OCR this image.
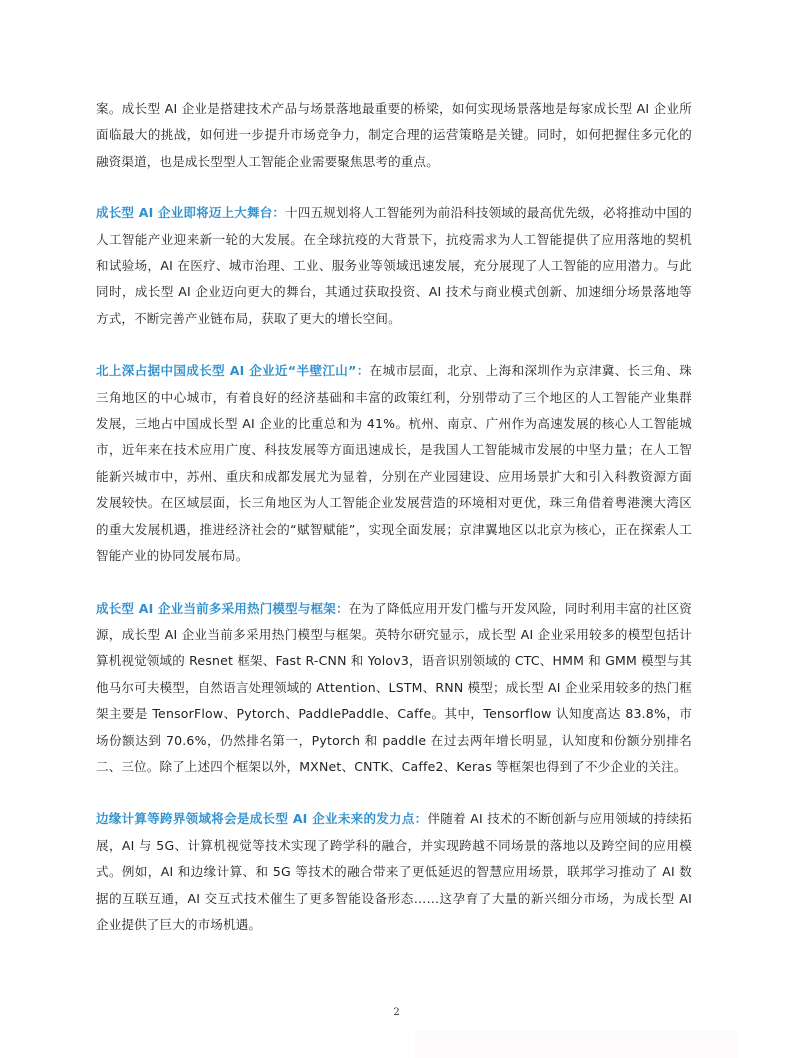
案。成长型 AI 企业是搭建技术产品与场景落地最重要的桥梁，如何实现场景落地是每家成长型 AI 企业所面临最大的挑战，如何进一步提升市场竞争力，制定合理的运营策略是关键。同时，如何把握住多元化的融资渠道，也是成长型型人工智能企业需要聚焦思考的重点。

成长型 AI 企业即将迈上大舞台：十四五规划将人工智能列为前沿科技领域的最高优先级，必将推动中国的人工智能产业迎来新一轮的大发展。在全球抗疫的大背景下，抗疫需求为人工智能提供了应用落地的契机和试验场，AI 在医疗、城市治理、工业、服务业等领域迅速发展，充分展现了人工智能的应用潜力。与此同时，成长型 AI 企业迈向更大的舞台，其通过获取投资、AI 技术与商业模式创新、加速细分场景落地等方式，不断完善产业链布局，获取了更大的增长空间。

北上深占据中国成长型 AI 企业近“半壁江山”：在城市层面，北京、上海和深圳作为京津冀、长三角、珠三角地区的中心城市，有着良好的经济基础和丰富的政策红利，分别带动了三个地区的人工智能产业集群发展，三地占中国成长型 AI 企业的比重总和为 41%。杭州、南京、广州作为高速发展的核心人工智能城市，近年来在技术应用广度、科技发展等方面迅速成长，是我国人工智能城市发展的中坚力量；在人工智能新兴城市中，苏州、重庆和成都发展尤为显着，分别在产业园建设、应用场景扩大和引入科教资源方面发展较快。在区域层面，长三角地区为人工智能企业发展营造的环境相对更优，珠三角借着粤港澳大湾区的重大发展机遇，推进经济社会的“赋智赋能”，实现全面发展；京津翼地区以北京为核心，正在探索人工智能产业的协同发展布局。

成长型 AI 企业当前多采用热门模型与框架：在为了降低应用开发门槛与开发风险，同时利用丰富的社区资源，成长型 AI 企业当前多采用热门模型与框架。英特尔研究显示，成长型 AI 企业采用较多的模型包括计算机视觉领域的 Resnet 框架、Fast R-CNN 和 Yolov3，语音识别领域的 CTC、HMM 和 GMM 模型与其他马尔可夫模型，自然语言处理领域的 Attention、LSTM、RNN 模型；成长型 AI 企业采用较多的热门框架主要是 TensorFlow、Pytorch、PaddlePaddle、Caffe。其中，Tensorflow 认知度高达 83.8%，市场份额达到 70.6%，仍然排名第一，Pytorch 和 paddle 在过去两年增长明显，认知度和份额分别排名二、三位。除了上述四个框架以外，MXNet、CNTK、Caffe2、Keras 等框架也得到了不少企业的关注。

边缘计算等跨界领域将会是成长型 AI 企业未来的发力点：伴随着 AI 技术的不断创新与应用领域的持续拓展，AI 与 5G、计算机视觉等技术实现了跨学科的融合，并实现跨越不同场景的落地以及跨空间的应用模式。例如，AI 和边缘计算、和 5G 等技术的融合带来了更低延迟的智慧应用场景，联邦学习推动了 AI 数据的互联互通，AI 交互式技术催生了更多智能设备形态……这孕育了大量的新兴细分市场，为成长型 AI 企业提供了巨大的市场机遇。

2
